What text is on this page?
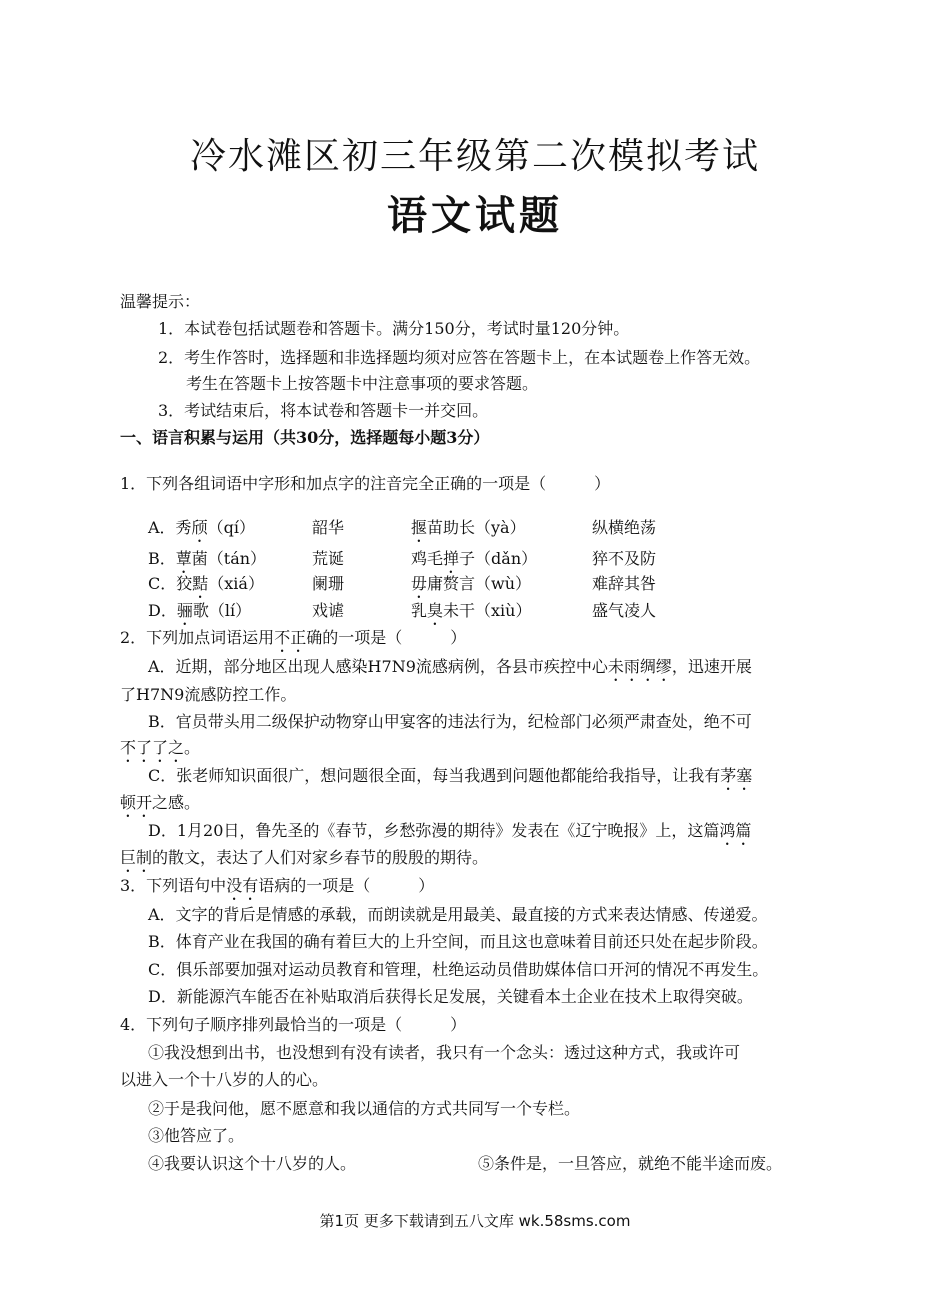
冷水滩区初三年级第二次模拟考试
语文试题
温馨提示：
1．本试卷包括试题卷和答题卡。满分150分，考试时量120分钟。
2．考生作答时，选择题和非选择题均须对应答在答题卡上，在本试题卷上作答无效。
考生在答题卡上按答题卡中注意事项的要求答题。
3．考试结束后，将本试卷和答题卡一并交回。
一、语言积累与运用（共30分，选择题每小题3分）
1．下列各组词语中字形和加点字的注音完全正确的一项是（　　　）
A．秀颀（qí）	韶华	揠苗助长（yà）	纵横绝荡
B．蕈菌（tán）	荒诞	鸡毛掸子（dǎn）	猝不及防
C．狡黠（xiá）	阑珊	毋庸赘言（wù）	难辞其咎
D．骊歌（lí）	戏谑	乳臭未干（xiù）	盛气凌人
2．下列加点词语运用不正确的一项是（　　　）
A．近期，部分地区出现人感染H7N9流感病例，各县市疾控中心未雨绸缪，迅速开展
了H7N9流感防控工作。
B．官员带头用二级保护动物穿山甲宴客的违法行为，纪检部门必须严肃查处，绝不可
不了了之。
C．张老师知识面很广，想问题很全面，每当我遇到问题他都能给我指导，让我有茅塞
顿开之感。
D．1月20日，鲁先圣的《春节，乡愁弥漫的期待》发表在《辽宁晚报》上，这篇鸿篇
巨制的散文，表达了人们对家乡春节的殷殷的期待。
3．下列语句中没有语病的一项是（　　　）
A．文字的背后是情感的承载，而朗读就是用最美、最直接的方式来表达情感、传递爱。
B．体育产业在我国的确有着巨大的上升空间，而且这也意味着目前还只处在起步阶段。
C．俱乐部要加强对运动员教育和管理，杜绝运动员借助媒体信口开河的情况不再发生。
D．新能源汽车能否在补贴取消后获得长足发展，关键看本土企业在技术上取得突破。
4．下列句子顺序排列最恰当的一项是（　　　）
①我没想到出书，也没想到有没有读者，我只有一个念头：透过这种方式，我或许可
以进入一个十八岁的人的心。
②于是我问他，愿不愿意和我以通信的方式共同写一个专栏。
③他答应了。
④我要认识这个十八岁的人。	⑤条件是，一旦答应，就绝不能半途而废。
第1页 更多下载请到五八文库 wk.58sms.com
